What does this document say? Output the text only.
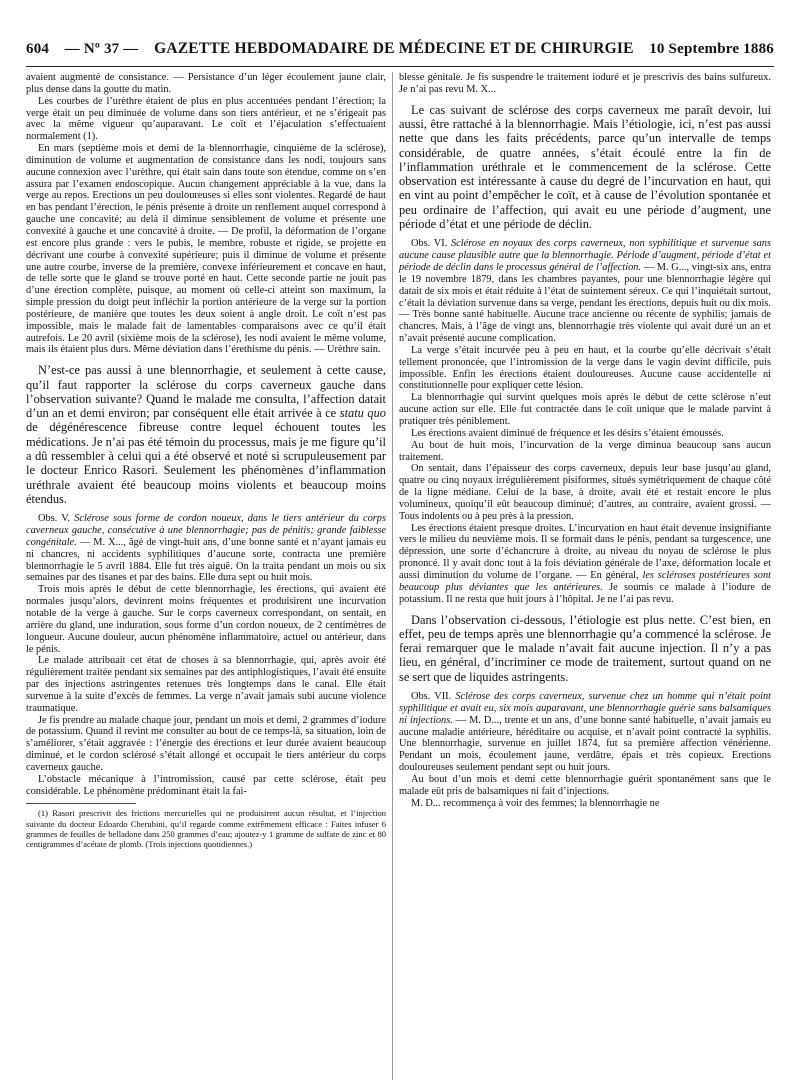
604 — Nº 37 — GAZETTE HEBDOMADAIRE DE MÉDECINE ET DE CHIRURGIE 10 Septembre 1886

avaient augmenté de consistance. — Persistance d’un léger écoulement jaune clair, plus dense dans la goutte du matin.

Les courbes de l’urèthre étaient de plus en plus accentuées pendant l’érection; la verge était un peu diminuée de volume dans son tiers antérieur, et ne s’érigeait pas avec la même vigueur qu’auparavant. Le coït et l’éjaculation s’effectuaient normalement (1).

En mars (septième mois et demi de la blennorrhagie, cinquième de la sclérose), diminution de volume et augmentation de consistance dans les nodi, toujours sans aucune connexion avec l’urèthre, qui était sain dans toute son étendue, comme on s’en assura par l’examen endoscopique. Aucun changement appréciable à la vue, dans la verge au repos. Erections un peu douloureuses si elles sont violentes. Regardé de haut en bas pendant l’érection, le pénis présente à droite un renflement auquel correspond à gauche une concavité; au delà il diminue sensiblement de volume et présente une convexité à gauche et une concavité à droite. — De profil, la déformation de l’organe est encore plus grande : vers le pubis, le membre, robuste et rigide, se projette en décrivant une courbe à convexité supérieure; puis il diminue de volume et présente une autre courbe, inverse de la première, convexe inférieurement et concave en haut, de telle sorte que le gland se trouve porté en haut. Cette seconde partie ne jouit pas d’une érection complète, puisque, au moment où celle-ci atteint son maximum, la simple pression du doigt peut infléchir la portion antérieure de la verge sur la portion postérieure, de manière que toutes les deux soient à angle droit. Le coït n’est pas impossible, mais le malade fait de lamentables comparaisons avec ce qu’il était autrefois. Le 20 avril (sixième mois de la sclérose), les nodi avaient le même volume, mais ils étaient plus durs. Même déviation dans l’érethisme du pénis. — Urèthre sain.

N’est-ce pas aussi à une blennorrhagie, et seulement à cette cause, qu’il faut rapporter la sclérose du corps caverneux gauche dans l’observation suivante? Quand le malade me consulta, l’affection datait d’un an et demi environ; par conséquent elle était arrivée à ce statu quo de dégénérescence fibreuse contre lequel échouent toutes les médications. Je n’ai pas été témoin du processus, mais je me figure qu’il a dû ressembler à celui qui a été observé et noté si scrupuleusement par le docteur Enrico Rasori. Seulement les phénomènes d’inflammation uréthrale avaient été beaucoup moins violents et beaucoup moins étendus.

Obs. V. Sclérose sous forme de cordon noueux, dans le tiers antérieur du corps caverneux gauche, consécutive à une blennorrhagie; pas de pénitis; grande faiblesse congénitale. — M. X..., âgé de vingt-huit ans, d’une bonne santé et n’ayant jamais eu ni chancres, ni accidents syphilitiques d’aucune sorte, contracta une première blennorrhagie le 5 avril 1884. Elle fut très aiguë. On la traita pendant un mois ou six semaines par des tisanes et par des bains. Elle dura sept ou huit mois.

Trois mois après le début de cette blennorrhagie, les érections, qui avaient été normales jusqu’alors, devinrent moins fréquentes et produisirent une incurvation notable de la verge à gauche. Sur le corps caverneux correspondant, on sentait, en arrière du gland, une induration, sous forme d’un cordon noueux, de 2 centimètres de longueur. Aucune douleur, aucun phénomène inflammatoire, actuel ou antérieur, dans le pénis.

Le malade attribuait cet état de choses à sa blennorrhagie, qui, après avoir été régulièrement traitée pendant six semaines par des antiphlogistiques, l’avait été ensuite par des injections astringentes retenues très longtemps dans le canal. Elle était survenue à la suite d’excès de femmes. La verge n’avait jamais subi aucune violence traumatique.

Je fis prendre au malade chaque jour, pendant un mois et demi, 2 grammes d’iodure de potassium. Quand il revint me consulter au bout de ce temps-là, sa situation, loin de s’améliorer, s’était aggravée : l’énergie des érections et leur durée avaient beaucoup diminué, et le cordon sclérosé s’était allongé et occupait le tiers antérieur du corps caverneux gauche.

L’obstacle mécanique à l’intromission, causé par cette sclérose, était peu considérable. Le phénomène prédominant était la fai-

(1) Rasori prescrivit des frictions mercurielles qui ne produisirent aucun résultat, et l’injection suivante du docteur Edoardo Cherubini, qu’il regarde comme extrêmement efficace : Faites infuser 6 grammes de feuilles de belladone dans 250 grammes d’eau; ajoutez-y 1 gramme de sulfate de zinc et 80 centigrammes d’acétate de plomb. (Trois injections quotidiennes.)

blesse génitale. Je fis suspendre le traitement ioduré et je prescrivis des bains sulfureux. Je n’ai pas revu M. X...

Le cas suivant de sclérose des corps caverneux me paraît devoir, lui aussi, être rattaché à la blennorrhagie. Mais l’étiologie, ici, n’est pas aussi nette que dans les faits précédents, parce qu’un intervalle de temps considérable, de quatre années, s’était écoulé entre la fin de l’inflammation uréthrale et le commencement de la sclérose. Cette observation est intéressante à cause du degré de l’incurvation en haut, qui en vint au point d’empêcher le coït, et à cause de l’évolution spontanée et peu ordinaire de l’affection, qui avait eu une période d’augment, une période d’état et une période de déclin.

Obs. VI. Sclérose en noyaux des corps caverneux, non syphilitique et survenue sans aucune cause plausible autre que la blennorrhagie. Période d’augment, période d’état et période de déclin dans le processus général de l’affection. — M. G..., vingt-six ans, entra le 19 novembre 1879, dans les chambres payantes, pour une blennorrhagie légère qui datait de six mois et était réduite à l’état de suintement séreux. Ce qui l’inquiétait surtout, c’était la déviation survenue dans sa verge, pendant les érections, depuis huit ou dix mois. — Très bonne santé habituelle. Aucune trace ancienne ou récente de syphilis; jamais de chancres. Mais, à l’âge de vingt ans, blennorrhagie très violente qui avait duré un an et n’avait présenté aucune complication.

La verge s’était incurvée peu à peu en haut, et la courbe qu’elle décrivait s’était tellement prononcée, que l’intromission de la verge dans le vagin devint difficile, puis impossible. Enfin les érections étaient douloureuses. Aucune cause accidentelle ni constitutionnelle pour expliquer cette lésion.

La blennorrhagie qui survint quelques mois après le début de cette sclérose n’eut aucune action sur elle. Elle fut contractée dans le coït unique que le malade parvint à pratiquer très péniblement.

Les érections avaient diminué de fréquence et les désirs s’étaient émoussés.

Au bout de huit mois, l’incurvation de la verge diminua beaucoup sans aucun traitement.

On sentait, dans l’épaisseur des corps caverneux, depuis leur base jusqu’au gland, quatre ou cinq noyaux irrégulièrement pisiformes, situés symétriquement de chaque côté de la ligne médiane. Celui de la base, à droite, avait été et restait encore le plus volumineux, quoiqu’il eût beaucoup diminué; d’autres, au contraire, avaient grossi. — Tous indolents ou à peu près à la pression.

Les érections étaient presque droites. L’incurvation en haut était devenue insignifiante vers le milieu du neuvième mois. Il se formait dans le pénis, pendant sa turgescence, une dépression, une sorte d’échancrure à droite, au niveau du noyau de sclérose le plus prononcé. Il y avait donc tout à la fois déviation générale de l’axe, déformation locale et aussi diminution du volume de l’organe. — En général, les scléroses postérieures sont beaucoup plus déviantes que les antérieures. Je soumis ce malade à l’iodure de potassium. Il ne resta que huit jours à l’hôpital. Je ne l’ai pas revu.

Dans l’observation ci-dessous, l’étiologie est plus nette. C’est bien, en effet, peu de temps après une blennorrhagie qu’a commencé la sclérose. Je ferai remarquer que le malade n’avait fait aucune injection. Il n’y a pas lieu, en général, d’incriminer ce mode de traitement, surtout quand on ne se sert que de liquides astringents.

Obs. VII. Sclérose des corps caverneux, survenue chez un homme qui n’était point syphilitique et avait eu, six mois auparavant, une blennorrhagie guérie sans balsamiques ni injections. — M. D..., trente et un ans, d’une bonne santé habituelle, n’avait jamais eu aucune maladie antérieure, héréditaire ou acquise, et n’avait point contracté la syphilis. Une blennorrhagie, survenue en juillet 1874, fut sa première affection vénérienne. Pendant un mois, écoulement jaune, verdâtre, épais et très copieux. Erections douloureuses seulement pendant sept ou huit jours.

Au bout d’un mois et demi cette blennorrhagie guérit spontanément sans que le malade eût pris de balsamiques ni fait d’injections.

M. D... recommença à voir des femmes; la blennorrhagie ne
